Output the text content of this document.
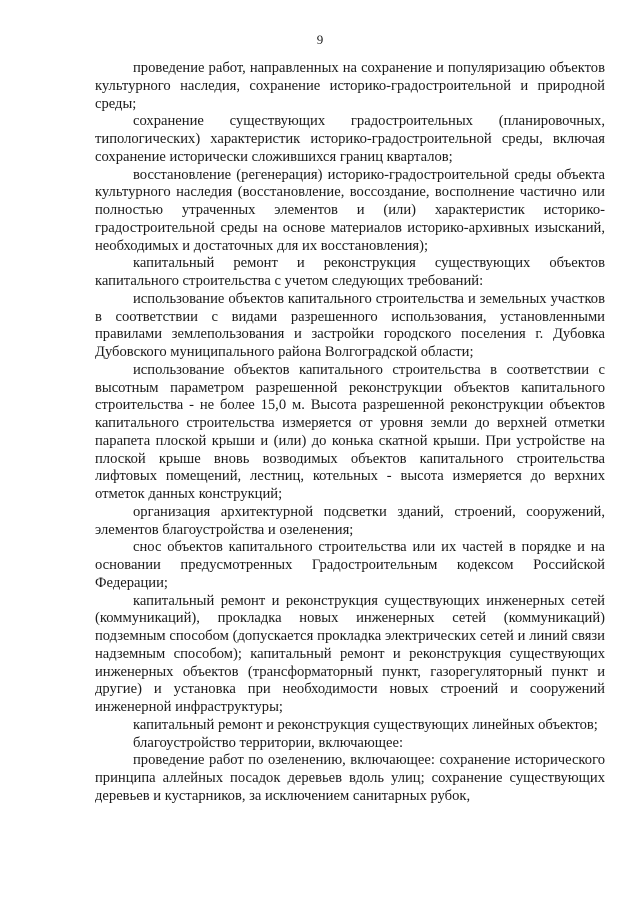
9

проведение работ, направленных на сохранение и популяризацию объектов культурного наследия, сохранение историко-градостроительной и природной среды;

сохранение существующих градостроительных (планировочных, типологических) характеристик историко-градостроительной среды, включая сохранение исторически сложившихся границ кварталов;

восстановление (регенерация) историко-градостроительной среды объекта культурного наследия (восстановление, воссоздание, восполнение частично или полностью утраченных элементов и (или) характеристик историко-градостроительной среды на основе материалов историко-архивных изысканий, необходимых и достаточных для их восстановления);

капитальный ремонт и реконструкция существующих объектов капитального строительства с учетом следующих требований:

использование объектов капитального строительства и земельных участков в соответствии с видами разрешенного использования, установленными правилами землепользования и застройки городского поселения г. Дубовка Дубовского муниципального района Волгоградской области;

использование объектов капитального строительства в соответствии с высотным параметром разрешенной реконструкции объектов капитального строительства - не более 15,0 м. Высота разрешенной реконструкции объектов капитального строительства измеряется от уровня земли до верхней отметки парапета плоской крыши и (или) до конька скатной крыши. При устройстве на плоской крыше вновь возводимых объектов капитального строительства лифтовых помещений, лестниц, котельных - высота измеряется до верхних отметок данных конструкций;

организация архитектурной подсветки зданий, строений, сооружений, элементов благоустройства и озеленения;

снос объектов капитального строительства или их частей в порядке и на основании предусмотренных Градостроительным кодексом Российской Федерации;

капитальный ремонт и реконструкция существующих инженерных сетей (коммуникаций), прокладка новых инженерных сетей (коммуникаций) подземным способом (допускается прокладка электрических сетей и линий связи надземным способом); капитальный ремонт и реконструкция существующих инженерных объектов (трансформаторный пункт, газорегуляторный пункт и другие) и установка при необходимости новых строений и сооружений инженерной инфраструктуры;

капитальный ремонт и реконструкция существующих линейных объектов;

благоустройство территории, включающее:

проведение работ по озеленению, включающее: сохранение исторического принципа аллейных посадок деревьев вдоль улиц; сохранение существующих деревьев и кустарников, за исключением санитарных рубок,
